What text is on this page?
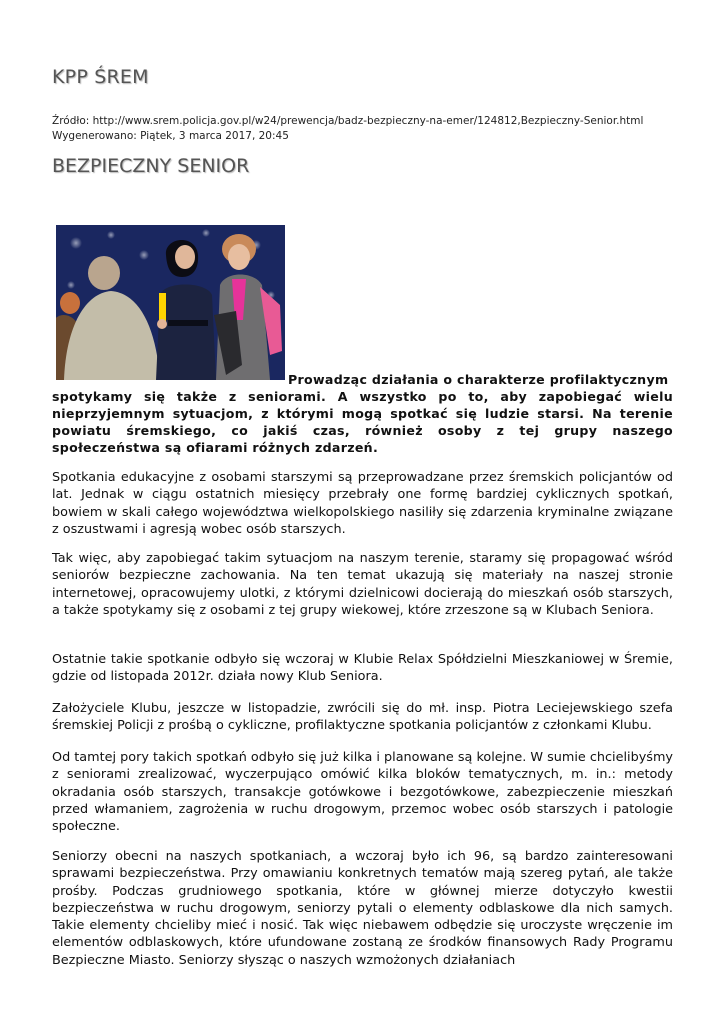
KPP ŚREM
Źródło: http://www.srem.policja.gov.pl/w24/prewencja/badz-bezpieczny-na-emer/124812,Bezpieczny-Senior.html
Wygenerowano: Piątek, 3 marca 2017, 20:45
BEZPIECZNY SENIOR

Prowadząc działania o charakterze profilaktycznym
spotykamy się także z seniorami. A wszystko po to, aby zapobiegać wielu nieprzyjemnym sytuacjom, z którymi mogą spotkać się ludzie starsi. Na terenie powiatu śremskiego, co jakiś czas, również osoby z tej grupy naszego społeczeństwa są ofiarami różnych zdarzeń.

Spotkania edukacyjne z osobami starszymi są przeprowadzane przez śremskich policjantów od lat. Jednak w ciągu ostatnich miesięcy przebrały one formę bardziej cyklicznych spotkań, bowiem w skali całego województwa wielkopolskiego nasiliły się zdarzenia kryminalne związane z oszustwami i agresją wobec osób starszych.

Tak więc, aby zapobiegać takim sytuacjom na naszym terenie, staramy się propagować wśród seniorów bezpieczne zachowania. Na ten temat ukazują się materiały na naszej stronie internetowej, opracowujemy ulotki, z którymi dzielnicowi docierają do mieszkań osób starszych, a także spotykamy się z osobami z tej grupy wiekowej, które zrzeszone są w Klubach Seniora.

Ostatnie takie spotkanie odbyło się wczoraj w Klubie Relax Spółdzielni Mieszkaniowej w Śremie, gdzie od listopada 2012r. działa nowy Klub Seniora.

Założyciele Klubu, jeszcze w listopadzie, zwrócili się do mł. insp. Piotra Leciejewskiego szefa śremskiej Policji z prośbą o cykliczne, profilaktyczne spotkania policjantów z członkami Klubu.

Od tamtej pory takich spotkań odbyło się już kilka i planowane są kolejne. W sumie chcielibyśmy z seniorami zrealizować, wyczerpująco omówić kilka bloków tematycznych, m. in.: metody okradania osób starszych, transakcje gotówkowe i bezgotówkowe, zabezpieczenie mieszkań przed włamaniem, zagrożenia w ruchu drogowym, przemoc wobec osób starszych i patologie społeczne.

Seniorzy obecni na naszych spotkaniach, a wczoraj było ich 96, są bardzo zainteresowani sprawami bezpieczeństwa. Przy omawianiu konkretnych tematów mają szereg pytań, ale także prośby. Podczas grudniowego spotkania, które w głównej mierze dotyczyło kwestii bezpieczeństwa w ruchu drogowym, seniorzy pytali o elementy odblaskowe dla nich samych. Takie elementy chcieliby mieć i nosić. Tak więc niebawem odbędzie się uroczyste wręczenie im elementów odblaskowych, które ufundowane zostaną ze środków finansowych Rady Programu Bezpieczne Miasto. Seniorzy słysząc o naszych wzmożonych działaniach
